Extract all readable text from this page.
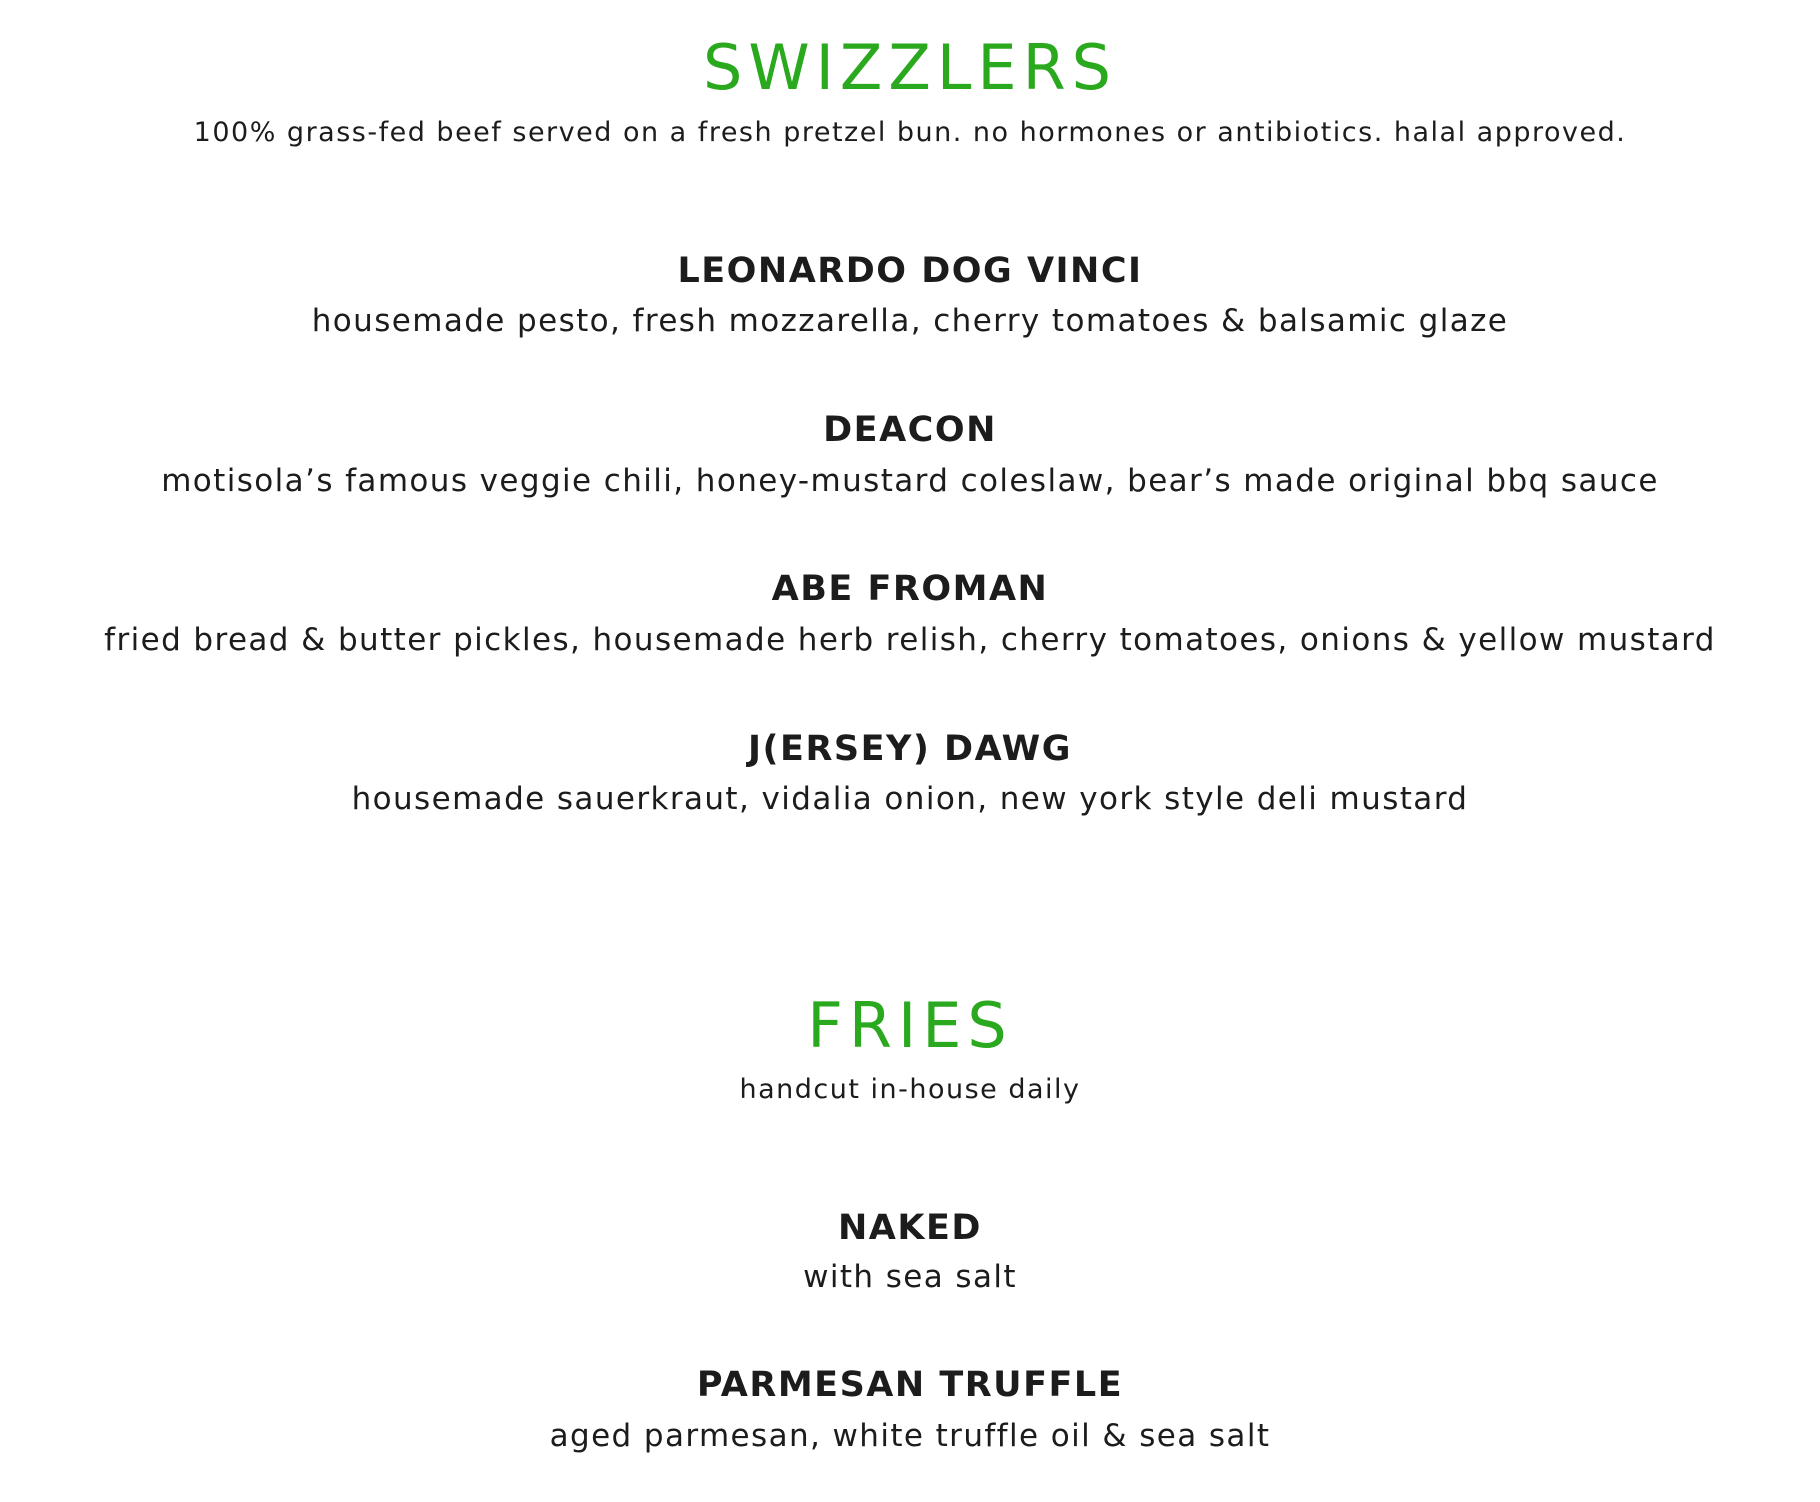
SWIZZLERS

100% grass-fed beef served on a fresh pretzel bun. no hormones or antibiotics. halal approved.

LEONARDO DOG VINCI

housemade pesto, fresh mozzarella, cherry tomatoes & balsamic glaze

DEACON

motisola’s famous veggie chili, honey-mustard coleslaw, bear’s made original bbq sauce

ABE FROMAN

fried bread & butter pickles, housemade herb relish, cherry tomatoes, onions & yellow mustard

J(ERSEY) DAWG

housemade sauerkraut, vidalia onion, new york style deli mustard

FRIES

handcut in-house daily

NAKED

with sea salt

PARMESAN TRUFFLE

aged parmesan, white truffle oil & sea salt
